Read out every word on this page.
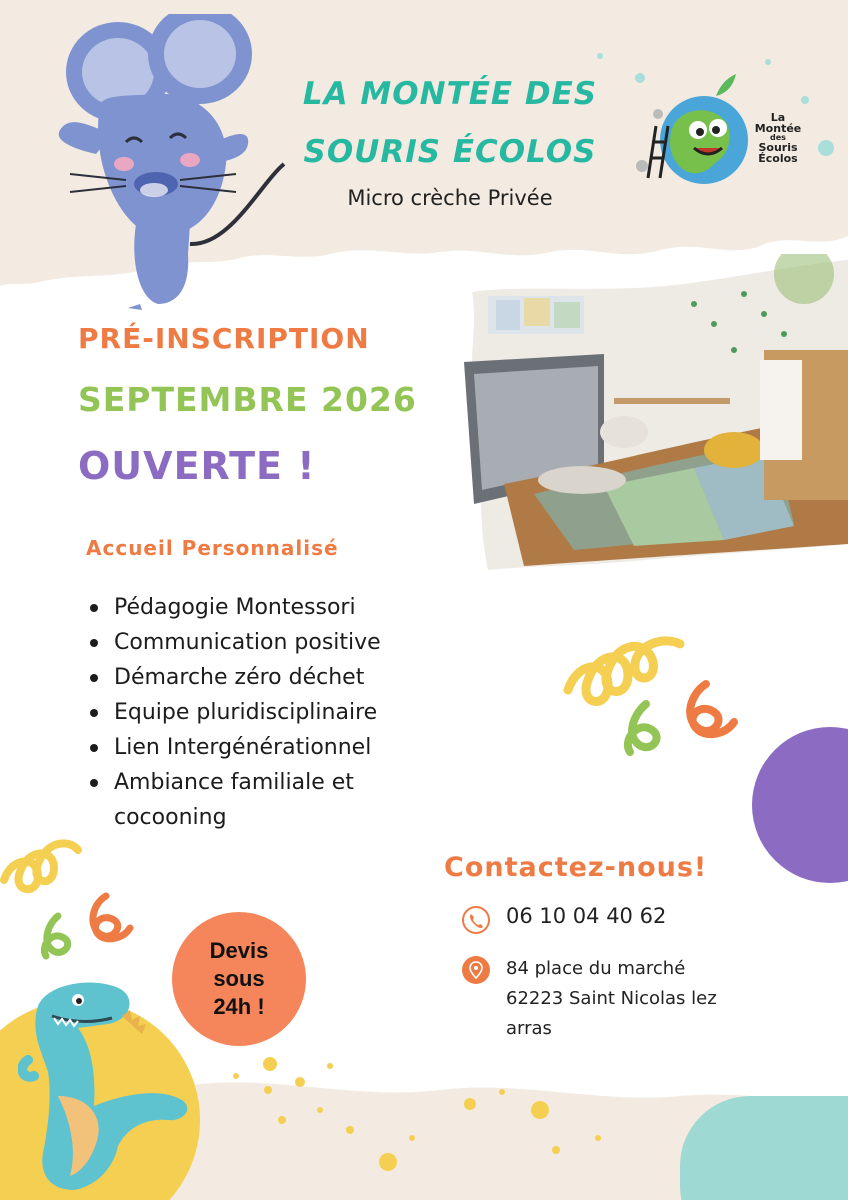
LA MONTÉE DES
SOURIS ÉCOLOS
Micro crèche Privée
La
Montée
des
Souris
Écolos
PRÉ-INSCRIPTION
SEPTEMBRE 2026
OUVERTE !
Accueil Personnalisé
Pédagogie Montessori
Communication positive
Démarche zéro déchet
Equipe pluridisciplinaire
Lien Intergénérationnel
Ambiance familiale et
cocooning
Devis
sous
24h !
Contactez-nous!
06 10 04 40 62
84 place du marché
62223 Saint Nicolas lez
arras
